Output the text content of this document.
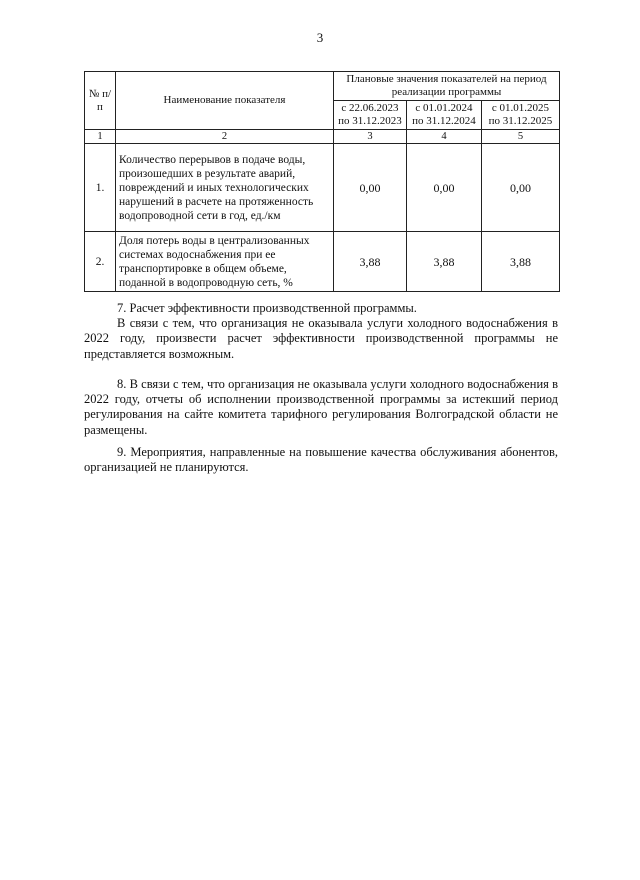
3
№ п/п	Наименование показателя	Плановые значения показателей на период реализации программы		
		с 22.06.2023 по 31.12.2023	с 01.01.2024 по 31.12.2024	с 01.01.2025 по 31.12.2025
1	2	3	4	5
1.	Количество перерывов в подаче воды, произошедших в результате аварий, повреждений и иных технологических нарушений в расчете на протяженность водопроводной сети в год, ед./км	0,00	0,00	0,00
2.	Доля потерь воды в централизованных системах водоснабжения при ее транспортировке в общем объеме, поданной в водопроводную сеть, %	3,88	3,88	3,88

7. Расчет эффективности производственной программы.

В связи с тем, что организация не оказывала услуги холодного водоснабжения в 2022 году, произвести расчет эффективности производственной программы не представляется возможным.

8. В связи с тем, что организация не оказывала услуги холодного водоснабжения в 2022 году, отчеты об исполнении производственной программы за истекший период регулирования на сайте комитета тарифного регулирования Волгоградской области не размещены.

9. Мероприятия, направленные на повышение качества обслуживания абонентов, организацией не планируются.
